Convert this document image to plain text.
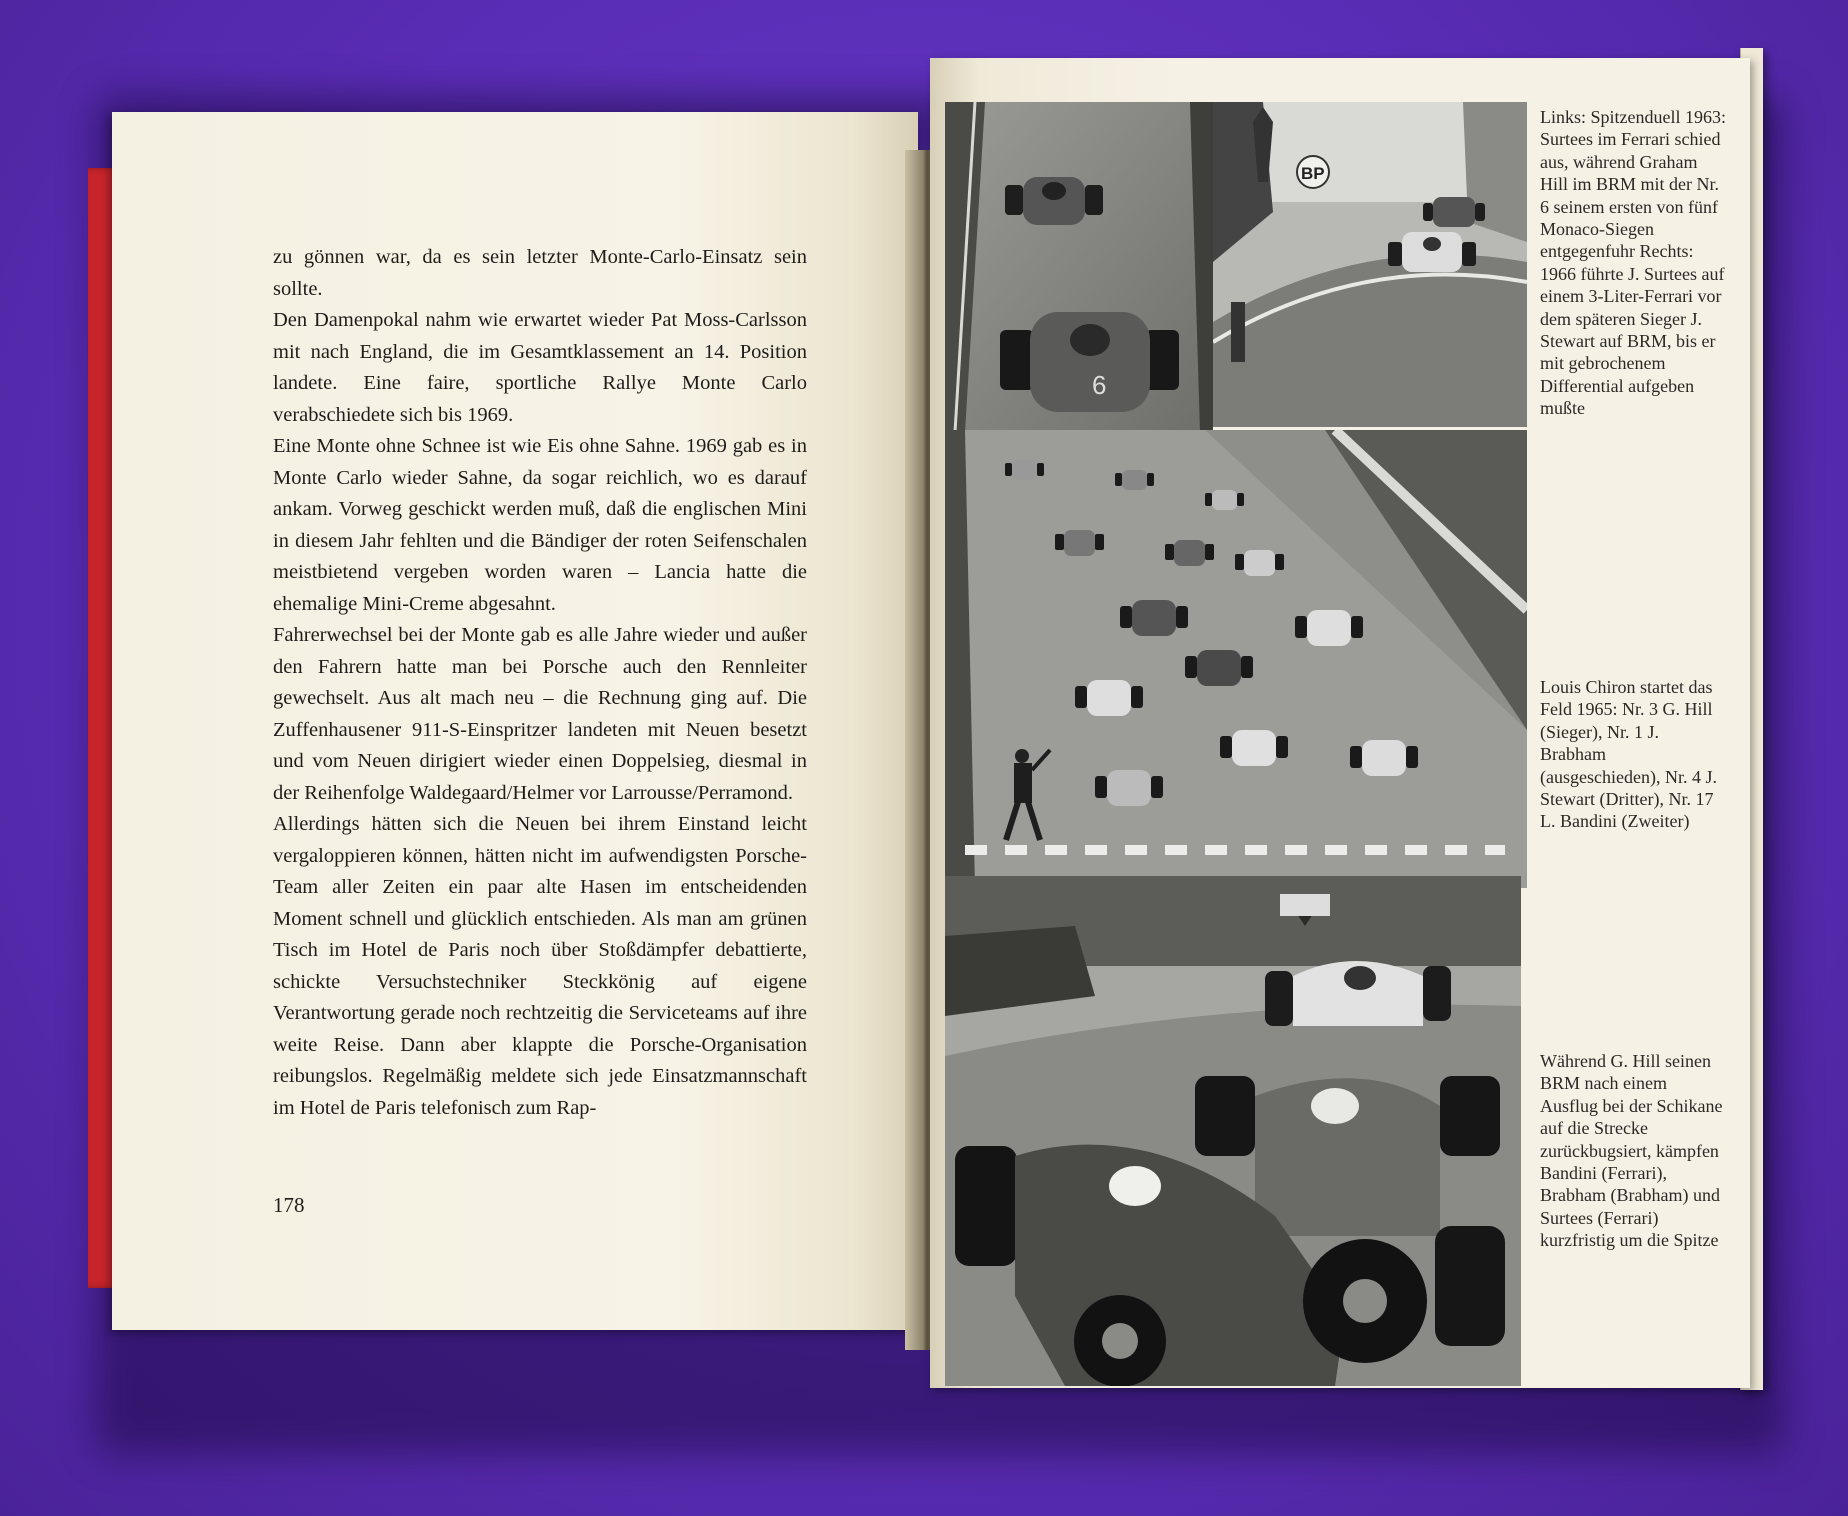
zu gönnen war, da es sein letzter Monte-Carlo-Einsatz sein sollte.

Den Damenpokal nahm wie erwartet wieder Pat Moss-Carlsson mit nach England, die im Gesamtklassement an 14. Position landete. Eine faire, sportliche Rallye Monte Carlo verabschiedete sich bis 1969.

Eine Monte ohne Schnee ist wie Eis ohne Sahne. 1969 gab es in Monte Carlo wieder Sahne, da sogar reichlich, wo es darauf ankam. Vorweg geschickt werden muß, daß die englischen Mini in diesem Jahr fehlten und die Bändiger der roten Seifenschalen meistbietend vergeben worden waren – Lancia hatte die ehemalige Mini-Creme abgesahnt.

Fahrerwechsel bei der Monte gab es alle Jahre wieder und außer den Fahrern hatte man bei Porsche auch den Rennleiter gewechselt. Aus alt mach neu – die Rechnung ging auf. Die Zuffenhausener 911-S-Einspritzer landeten mit Neuen besetzt und vom Neuen dirigiert wieder einen Doppelsieg, diesmal in der Reihenfolge Waldegaard/Helmer vor Larrousse/Perramond.

Allerdings hätten sich die Neuen bei ihrem Einstand leicht vergaloppieren können, hätten nicht im aufwendigsten Porsche-Team aller Zeiten ein paar alte Hasen im entscheidenden Moment schnell und glücklich entschieden. Als man am grünen Tisch im Hotel de Paris noch über Stoßdämpfer debattierte, schickte Versuchstechniker Steckkönig auf eigene Verantwortung gerade noch rechtzeitig die Serviceteams auf ihre weite Reise. Dann aber klappte die Porsche-Organisation reibungslos. Regelmäßig meldete sich jede Einsatzmannschaft im Hotel de Paris telefonisch zum Rap-

178
6
BP
Links: Spitzenduell 1963: Surtees im Ferrari schied aus, während Graham Hill im BRM mit der Nr. 6 seinem ersten von fünf Monaco-Siegen entgegenfuhr Rechts: 1966 führte J. Surtees auf einem 3-Liter-Ferrari vor dem späteren Sieger J. Stewart auf BRM, bis er mit gebrochenem Differential aufgeben mußte
Louis Chiron startet das Feld 1965: Nr. 3 G. Hill (Sieger), Nr. 1 J. Brabham (ausgeschieden), Nr. 4 J. Stewart (Dritter), Nr. 17 L. Bandini (Zweiter)
Während G. Hill seinen BRM nach einem Ausflug bei der Schikane auf die Strecke zurückbugsiert, kämpfen Bandini (Ferrari), Brabham (Brabham) und Surtees (Ferrari) kurzfristig um die Spitze
